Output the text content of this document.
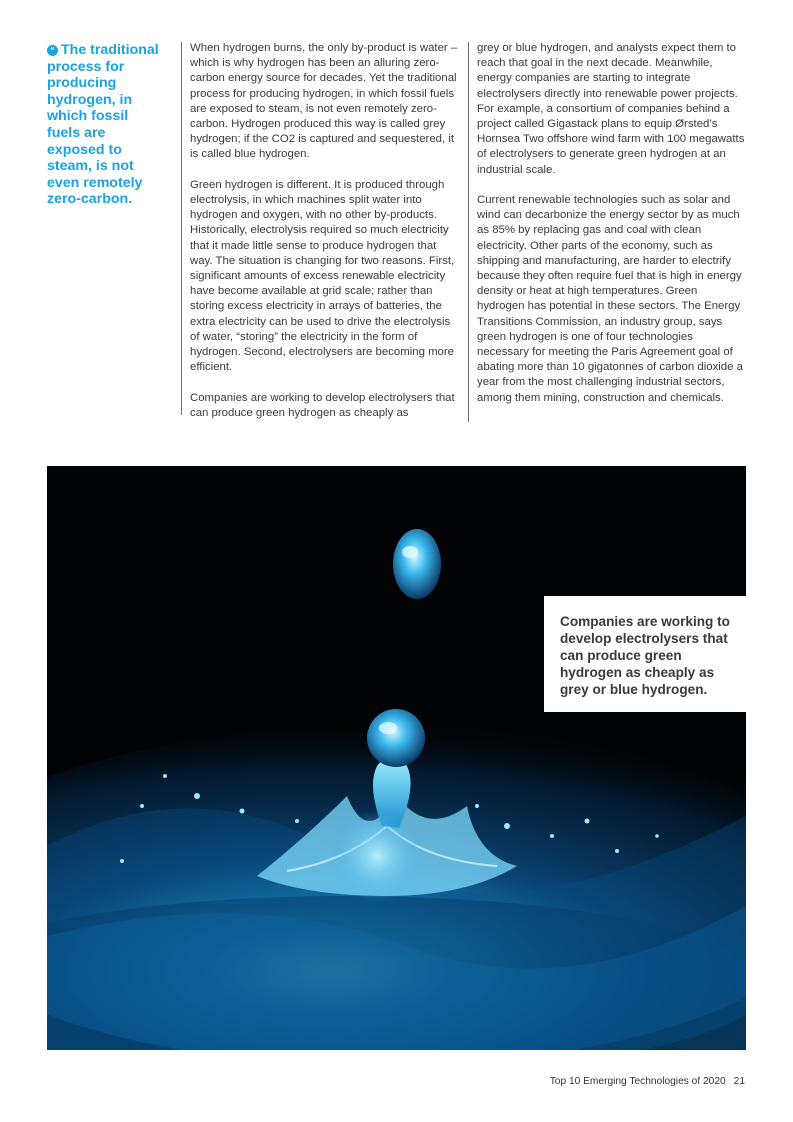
“ The traditional process for producing hydrogen, in which fossil fuels are exposed to steam, is not even remotely zero-carbon.

When hydrogen burns, the only by-product is water – which is why hydrogen has been an alluring zero-carbon energy source for decades. Yet the traditional process for producing hydrogen, in which fossil fuels are exposed to steam, is not even remotely zero-carbon. Hydrogen produced this way is called grey hydrogen; if the CO2 is captured and sequestered, it is called blue hydrogen.

Green hydrogen is different. It is produced through electrolysis, in which machines split water into hydrogen and oxygen, with no other by-products. Historically, electrolysis required so much electricity that it made little sense to produce hydrogen that way. The situation is changing for two reasons. First, significant amounts of excess renewable electricity have become available at grid scale; rather than storing excess electricity in arrays of batteries, the extra electricity can be used to drive the electrolysis of water, “storing” the electricity in the form of hydrogen. Second, electrolysers are becoming more efficient.

Companies are working to develop electrolysers that can produce green hydrogen as cheaply as

grey or blue hydrogen, and analysts expect them to reach that goal in the next decade. Meanwhile, energy companies are starting to integrate electrolysers directly into renewable power projects. For example, a consortium of companies behind a project called Gigastack plans to equip Ørsted’s Hornsea Two offshore wind farm with 100 megawatts of electrolysers to generate green hydrogen at an industrial scale.

Current renewable technologies such as solar and wind can decarbonize the energy sector by as much as 85% by replacing gas and coal with clean electricity. Other parts of the economy, such as shipping and manufacturing, are harder to electrify because they often require fuel that is high in energy density or heat at high temperatures. Green hydrogen has potential in these sectors. The Energy Transitions Commission, an industry group, says green hydrogen is one of four technologies necessary for meeting the Paris Agreement goal of abating more than 10 gigatonnes of carbon dioxide a year from the most challenging industrial sectors, among them mining, construction and chemicals.

Companies are working to develop electrolysers that can produce green hydrogen as cheaply as grey or blue hydrogen.
Top 10 Emerging Technologies of 2020 21
